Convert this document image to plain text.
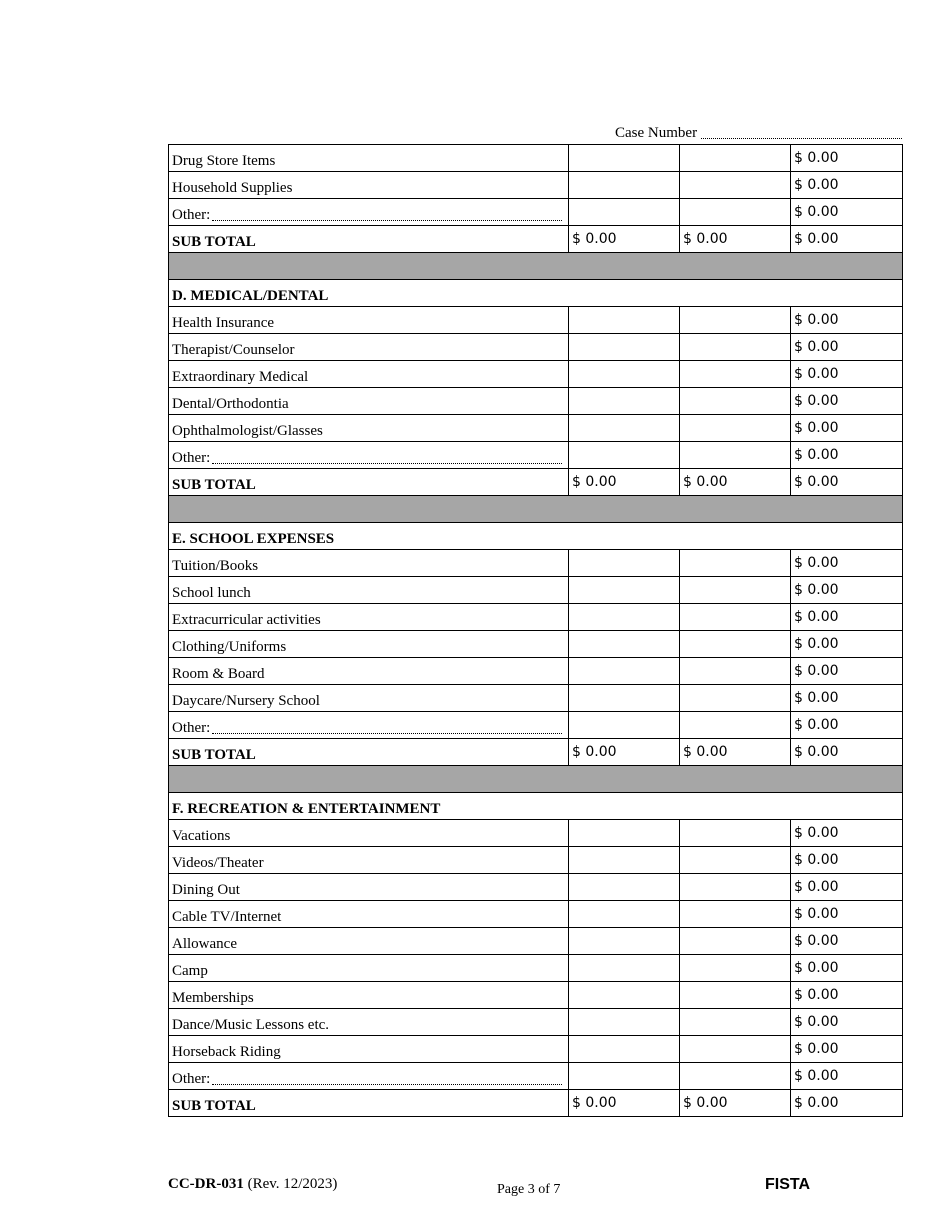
Case Number
Drug Store Items			$ 0.00
Household Supplies			$ 0.00

Other:			$ 0.00
SUB TOTAL	$ 0.00	$ 0.00	$ 0.00

D. MEDICAL/DENTAL			
Health Insurance			$ 0.00
Therapist/Counselor			$ 0.00
Extraordinary Medical			$ 0.00
Dental/Orthodontia			$ 0.00
Ophthalmologist/Glasses			$ 0.00

Other:			$ 0.00
SUB TOTAL	$ 0.00	$ 0.00	$ 0.00

E. SCHOOL EXPENSES			
Tuition/Books			$ 0.00
School lunch			$ 0.00
Extracurricular activities			$ 0.00
Clothing/Uniforms			$ 0.00
Room & Board			$ 0.00
Daycare/Nursery School			$ 0.00

Other:			$ 0.00
SUB TOTAL	$ 0.00	$ 0.00	$ 0.00

F. RECREATION & ENTERTAINMENT			
Vacations			$ 0.00
Videos/Theater			$ 0.00
Dining Out			$ 0.00
Cable TV/Internet			$ 0.00
Allowance			$ 0.00
Camp			$ 0.00
Memberships			$ 0.00
Dance/Music Lessons etc.			$ 0.00
Horseback Riding			$ 0.00

Other:			$ 0.00
SUB TOTAL	$ 0.00	$ 0.00	$ 0.00
CC-DR-031 (Rev. 12/2023)	Page 3 of 7	FISTA
